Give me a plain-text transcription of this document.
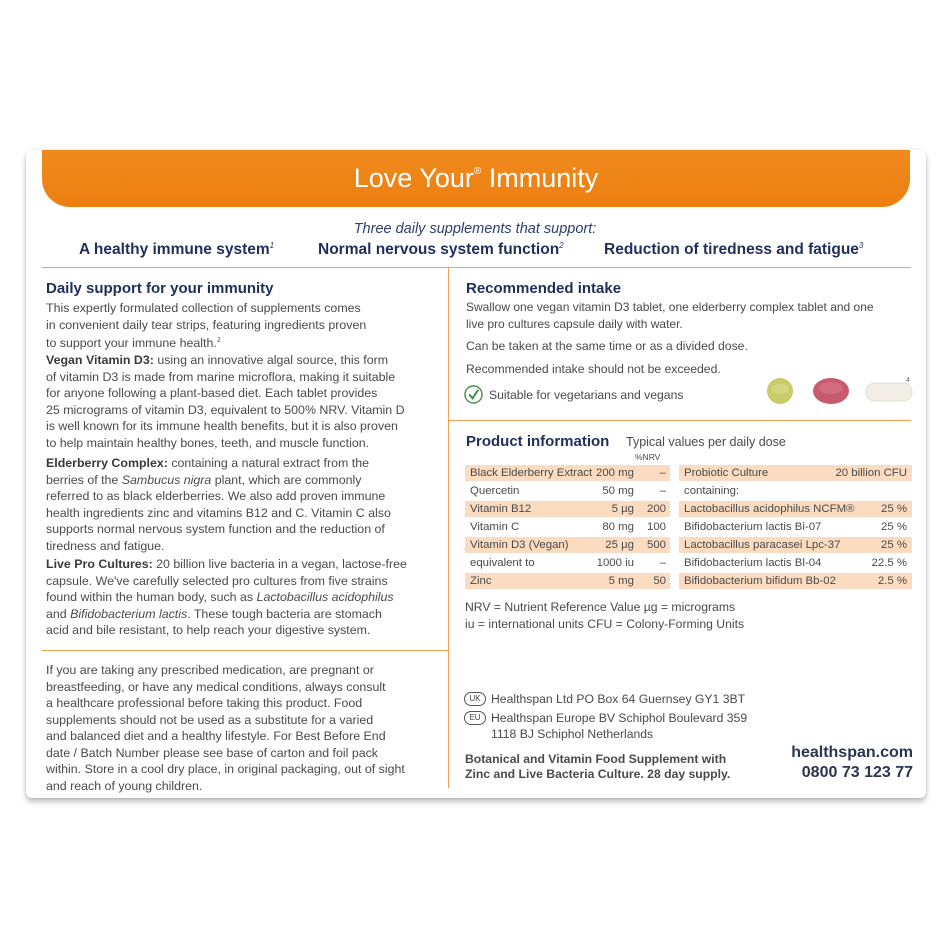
Love Your® Immunity
Three daily supplements that support:
A healthy immune system$^1$	Normal nervous system function$^2$	Reduction of tiredness and fatigue$^3$
Daily support for your immunity
This expertly formulated collection of supplements comes
in convenient daily tear strips, featuring ingredients proven
to support your immune health.$^1$
Vegan Vitamin D3: using an innovative algal source, this form
of vitamin D3 is made from marine microflora, making it suitable
for anyone following a plant-based diet. Each tablet provides
25 micrograms of vitamin D3, equivalent to 500% NRV. Vitamin D
is well known for its immune health benefits, but it is also proven
to help maintain healthy bones, teeth, and muscle function.
Elderberry Complex: containing a natural extract from the
berries of the Sambucus nigra plant, which are commonly
referred to as black elderberries. We also add proven immune
health ingredients zinc and vitamins B12 and C. Vitamin C also
supports normal nervous system function and the reduction of
tiredness and fatigue.
Live Pro Cultures: 20 billion live bacteria in a vegan, lactose-free
capsule. We've carefully selected pro cultures from five strains
found within the human body, such as Lactobacillus acidophilus
and Bifidobacterium lactis. These tough bacteria are stomach
acid and bile resistant, to help reach your digestive system.
If you are taking any prescribed medication, are pregnant or
breastfeeding, or have any medical conditions, always consult
a healthcare professional before taking this product. Food
supplements should not be used as a substitute for a varied
and balanced diet and a healthy lifestyle. For Best Before End
date / Batch Number please see base of carton and foil pack
within. Store in a cool dry place, in original packaging, out of sight
and reach of young children.
Recommended intake
Swallow one vegan vitamin D3 tablet, one elderberry complex tablet and one
live pro cultures capsule daily with water.
Can be taken at the same time or as a divided dose.
Recommended intake should not be exceeded.
Suitable for vegetarians and vegans
4
Product information Typical values per daily dose
%NRV
Black Elderberry Extract 200 mg –
Quercetin	50 mg –
Vitamin B12	5 µg 200
Vitamin C	80 mg 100
Vitamin D3 (Vegan)	25 µg 500
equivalent to	1000 iu –
Zinc	5 mg 50
Probiotic Culture	20 billion CFU
containing:
Lactobacillus acidophilus NCFM® 25 %
Bifidobacterium lactis Bi-07	25 %
Lactobacillus paracasei Lpc-37	25 %
Bifidobacterium lactis Bl-04	22.5 %
Bifidobacterium bifidum Bb-02	2.5 %
NRV = Nutrient Reference Value µg = micrograms
iu = international units CFU = Colony-Forming Units
UK Healthspan Ltd PO Box 64 Guernsey GY1 3BT
EU Healthspan Europe BV Schiphol Boulevard 359
1118 BJ Schiphol Netherlands
Botanical and Vitamin Food Supplement with
Zinc and Live Bacteria Culture. 28 day supply.
healthspan.com
0800 73 123 77
